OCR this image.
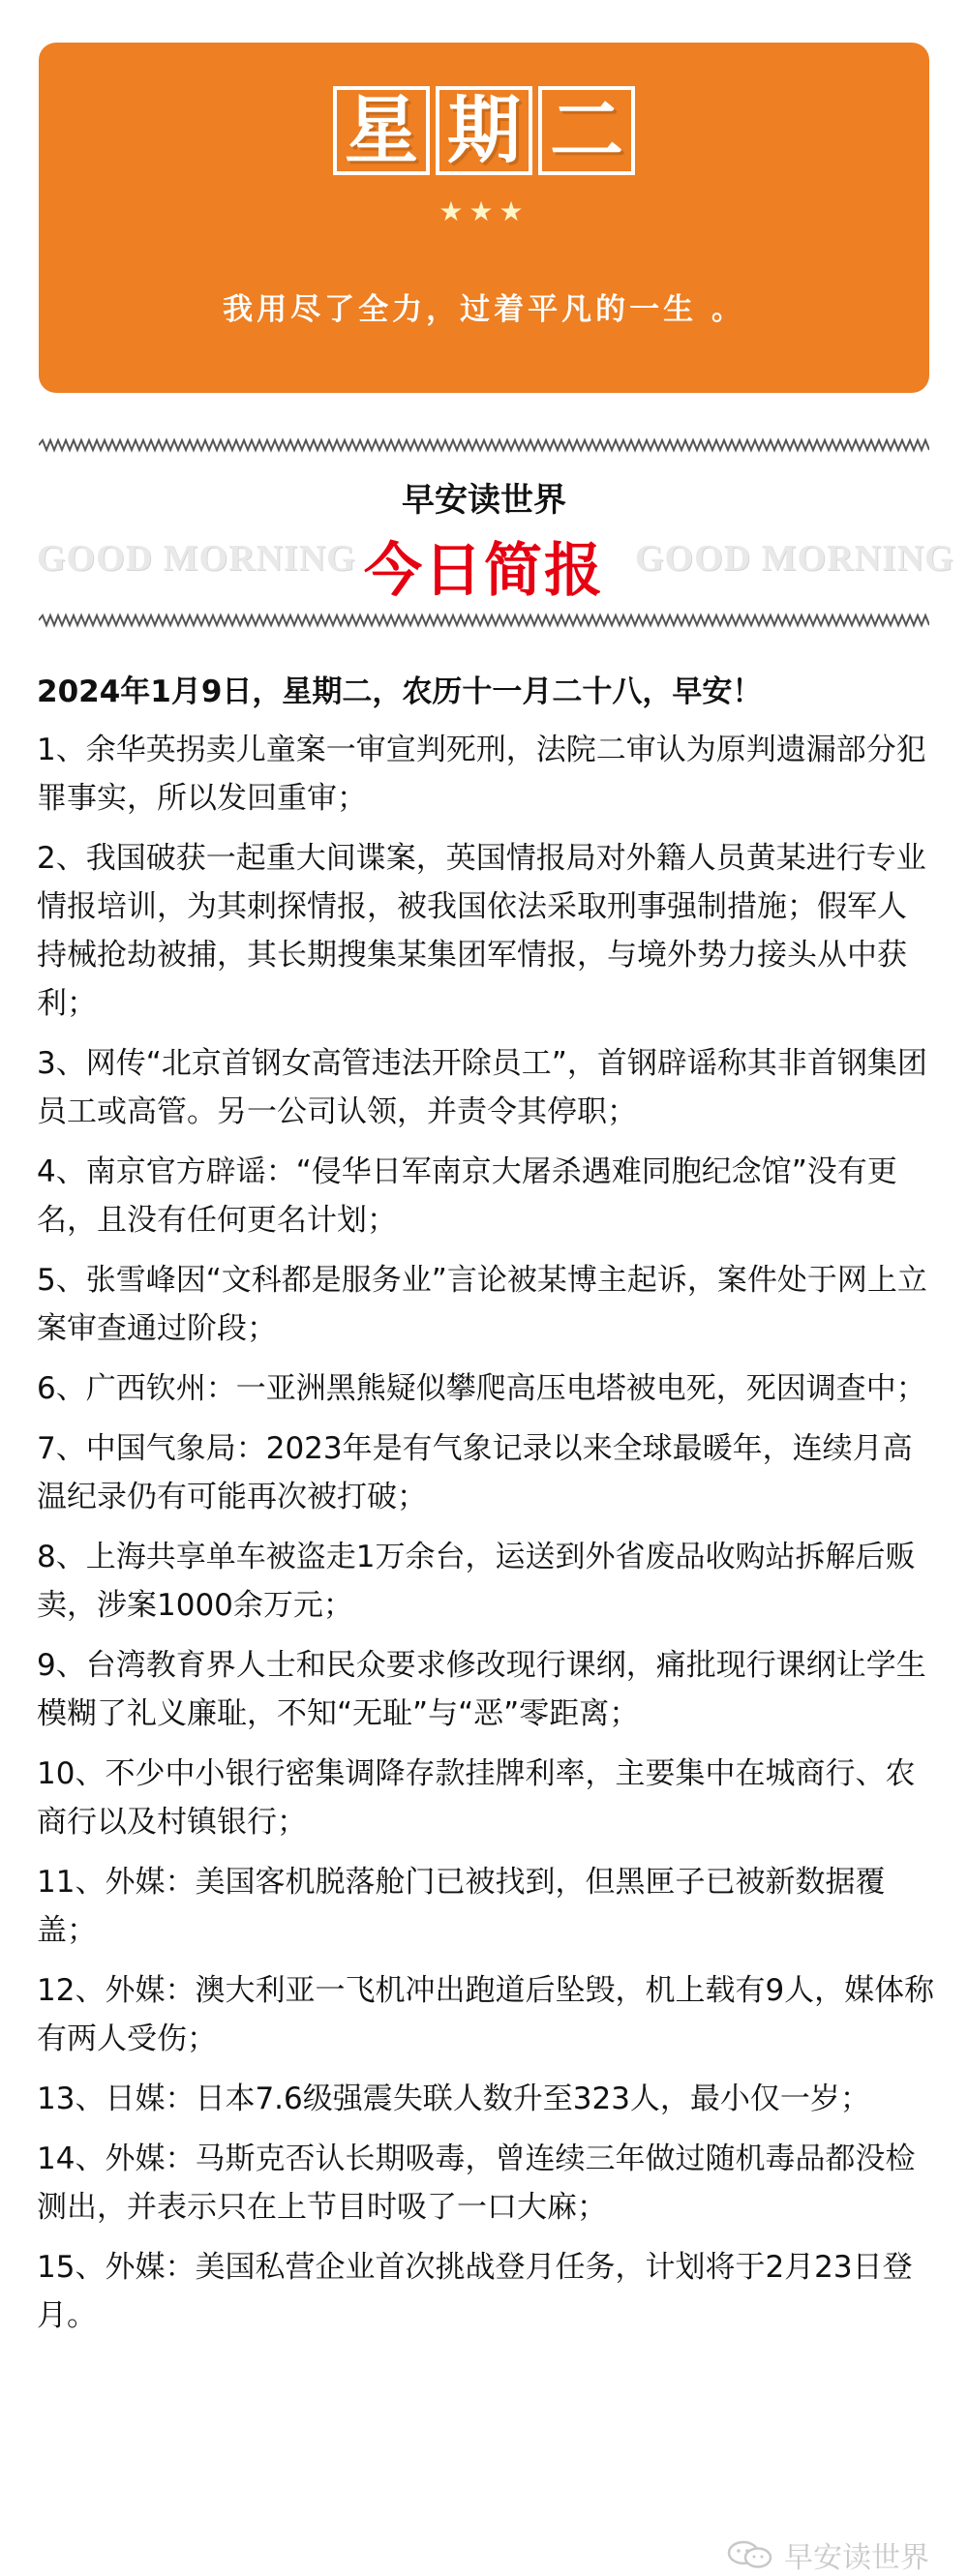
星 期 二
★★★
我用尽了全力，过着平凡的一生 。
早安读世界
GOOD MORNING	GOOD MORNING
今日简报
2024年1月9日，星期二，农历十一月二十八，早安！
1、余华英拐卖儿童案一审宣判死刑，法院二审认为原判遗漏部分犯罪事实，所以发回重审；
2、我国破获一起重大间谍案，英国情报局对外籍人员黄某进行专业情报培训，为其刺探情报，被我国依法采取刑事强制措施；假军人持械抢劫被捕，其长期搜集某集团军情报，与境外势力接头从中获利；
3、网传“北京首钢女高管违法开除员工”，首钢辟谣称其非首钢集团员工或高管。另一公司认领，并责令其停职；
4、南京官方辟谣：“侵华日军南京大屠杀遇难同胞纪念馆”没有更名，且没有任何更名计划；
5、张雪峰因“文科都是服务业”言论被某博主起诉，案件处于网上立案审查通过阶段；
6、广西钦州：一亚洲黑熊疑似攀爬高压电塔被电死，死因调查中；
7、中国气象局：2023年是有气象记录以来全球最暖年，连续月高温纪录仍有可能再次被打破；
8、上海共享单车被盗走1万余台，运送到外省废品收购站拆解后贩卖，涉案1000余万元；
9、台湾教育界人士和民众要求修改现行课纲，痛批现行课纲让学生模糊了礼义廉耻，不知“无耻”与“恶”零距离；
10、不少中小银行密集调降存款挂牌利率，主要集中在城商行、农商行以及村镇银行；
11、外媒：美国客机脱落舱门已被找到，但黑匣子已被新数据覆盖；
12、外媒：澳大利亚一飞机冲出跑道后坠毁，机上载有9人，媒体称有两人受伤；
13、日媒：日本7.6级强震失联人数升至323人，最小仅一岁；
14、外媒：马斯克否认长期吸毒，曾连续三年做过随机毒品都没检测出，并表示只在上节目时吸了一口大麻；
15、外媒：美国私营企业首次挑战登月任务，计划将于2月23日登月。
早安读世界
